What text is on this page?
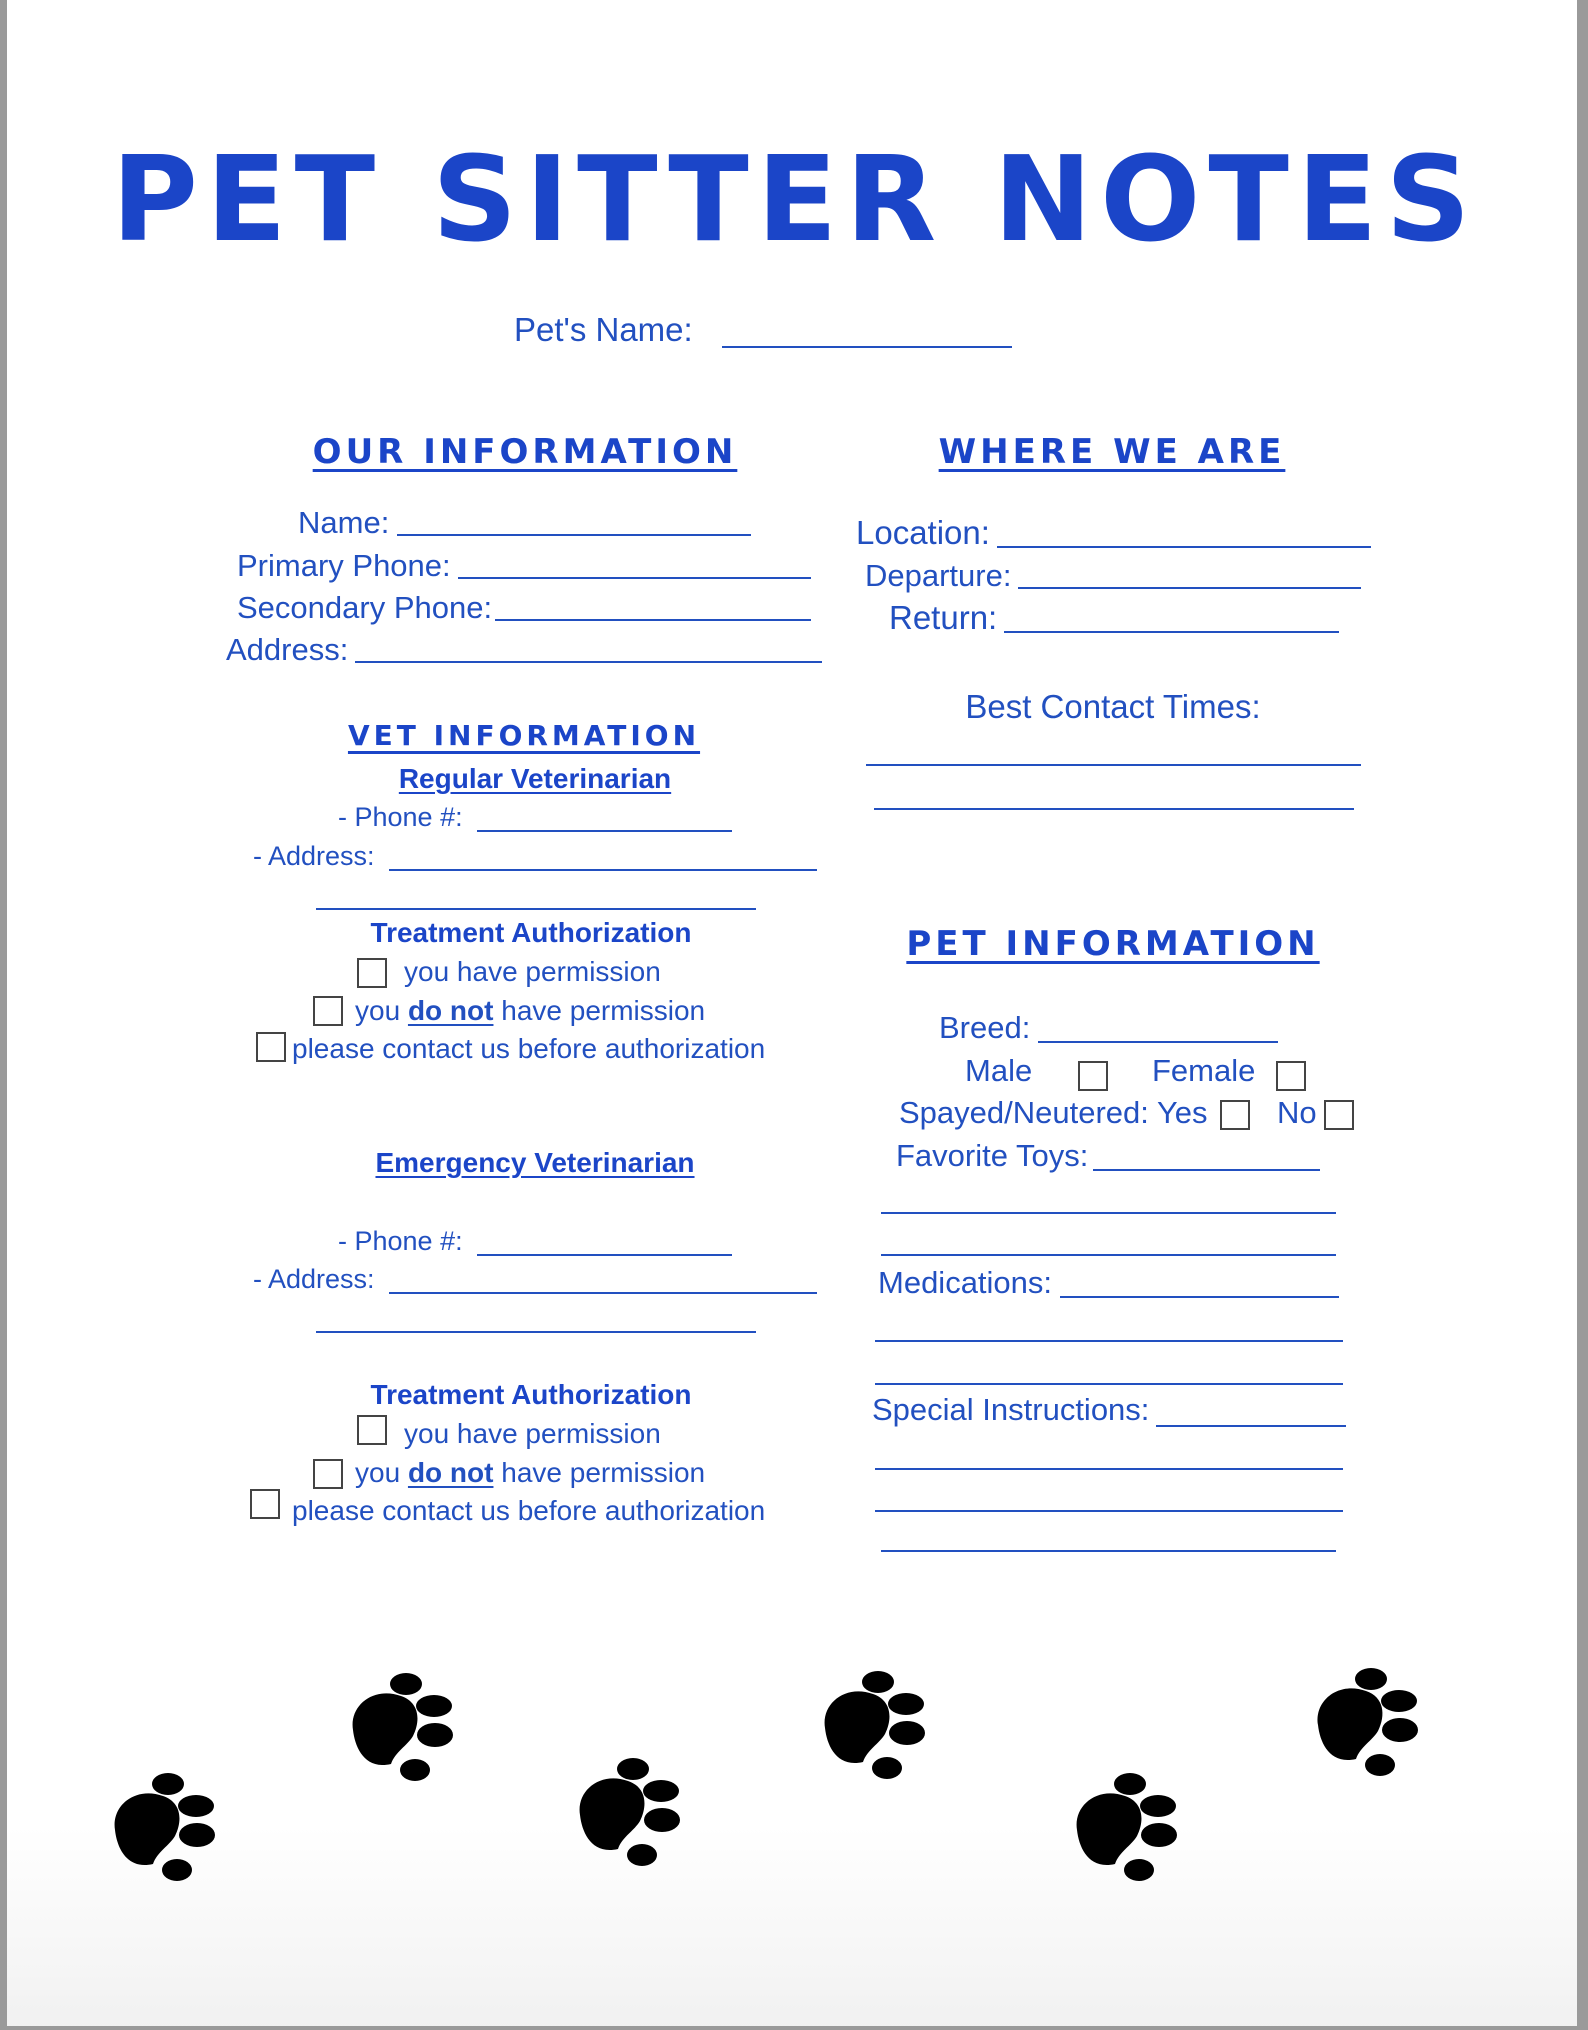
PET SITTER NOTES
Pet's Name:
OUR INFORMATION
Name:
Primary Phone:
Secondary Phone:
Address:
VET INFORMATION
Regular Veterinarian
- Phone #:
- Address:
Treatment Authorization
you have permission
you do not have permission
please contact us before authorization
Emergency Veterinarian
- Phone #:
- Address:
Treatment Authorization
you have permission
you do not have permission
please contact us before authorization
WHERE WE ARE
Location:
Departure:
Return:
Best Contact Times:
PET INFORMATION
Breed:
Male	Female
Spayed/Neutered: Yes No
Favorite Toys:
Medications:
Special Instructions:
